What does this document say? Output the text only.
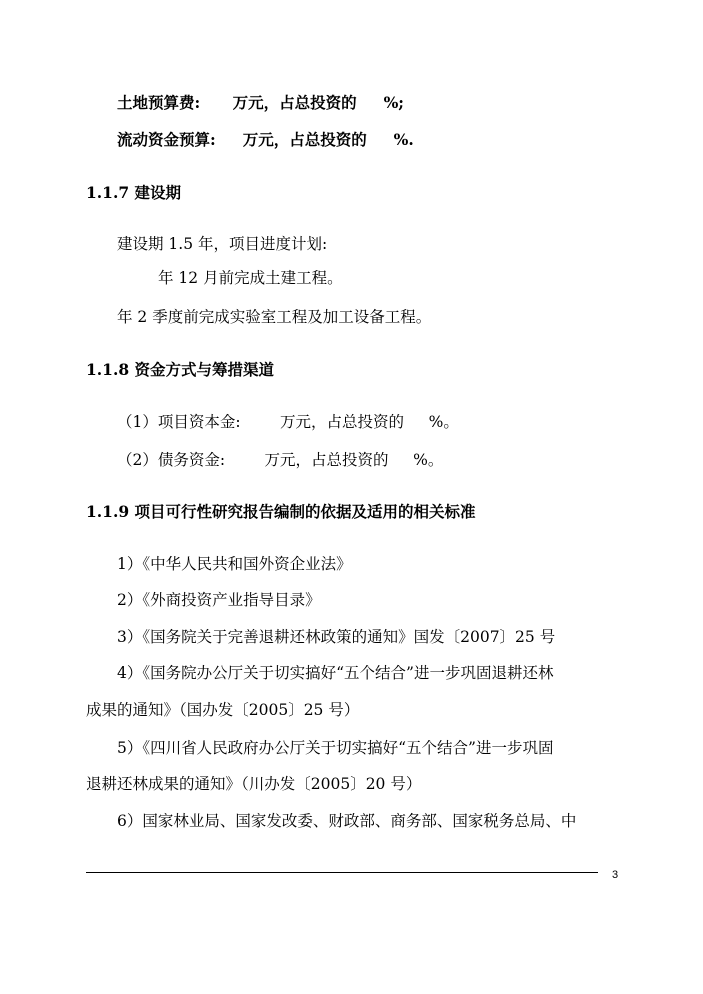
土地预算费:      万元，占总投资的     %;
流动资金预算:     万元，占总投资的     %.
1.1.7 建设期
建设期 1.5 年，项目进度计划:
年 12 月前完成土建工程。
年 2 季度前完成实验室工程及加工设备工程。
1.1.8 资金方式与筹措渠道
（1）项目资本金:        万元，占总投资的     %。
（2）债务资金:        万元，占总投资的     %。
1.1.9 项目可行性研究报告编制的依据及适用的相关标准
1）《中华人民共和国外资企业法》
2）《外商投资产业指导目录》
3）《国务院关于完善退耕还林政策的通知》国发〔2007〕25 号
4）《国务院办公厅关于切实搞好“五个结合”进一步巩固退耕还林
成果的通知》（国办发〔2005〕25 号）
5）《四川省人民政府办公厅关于切实搞好“五个结合”进一步巩固
退耕还林成果的通知》（川办发〔2005〕20 号）
6）国家林业局、国家发改委、财政部、商务部、国家税务总局、中
3
